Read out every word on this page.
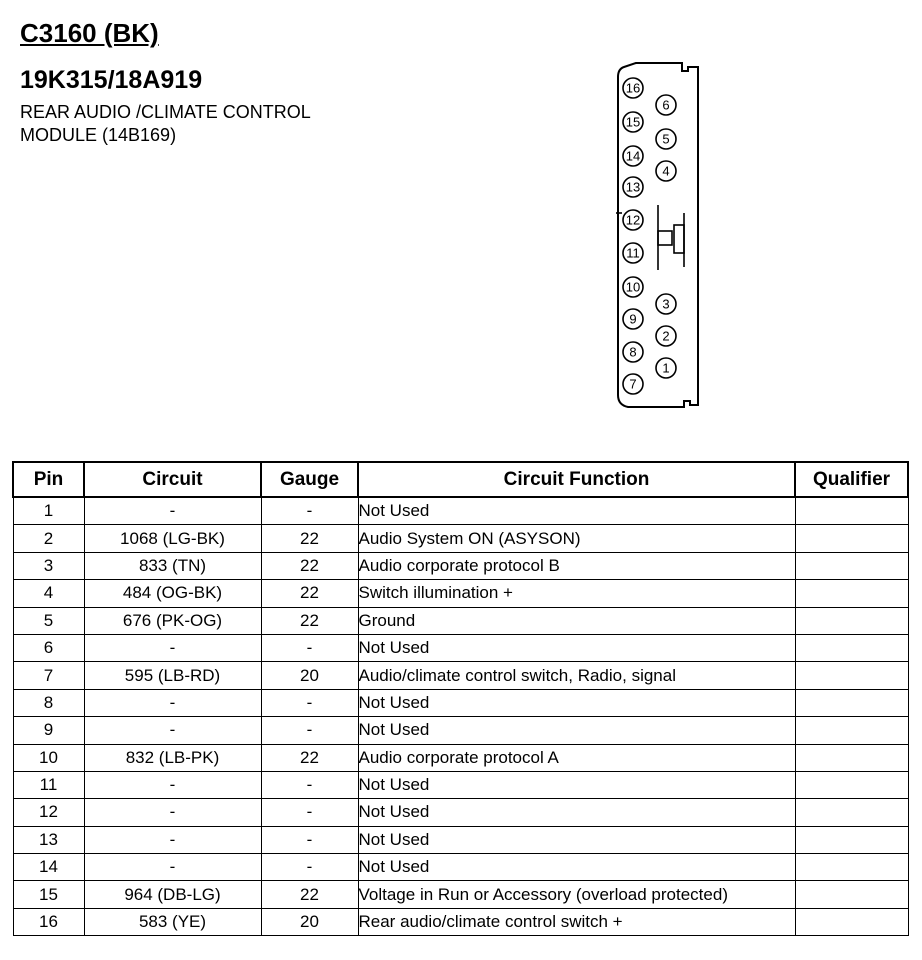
C3160 (BK)
19K315/18A919
REAR AUDIO /CLIMATE CONTROL
MODULE (14B169)
16
15
14
13
12
11
10
9
8
7
6
5
4
3
2
1
Pin	Circuit	Gauge	Circuit Function	Qualifier
1	-	-	Not Used	
2	1068 (LG-BK)	22	Audio System ON (ASYSON)	
3	833 (TN)	22	Audio corporate protocol B	
4	484 (OG-BK)	22	Switch illumination +	
5	676 (PK-OG)	22	Ground	
6	-	-	Not Used	
7	595 (LB-RD)	20	Audio/climate control switch, Radio, signal	
8	-	-	Not Used	
9	-	-	Not Used	
10	832 (LB-PK)	22	Audio corporate protocol A	
11	-	-	Not Used	
12	-	-	Not Used	
13	-	-	Not Used	
14	-	-	Not Used	
15	964 (DB-LG)	22	Voltage in Run or Accessory (overload protected)	
16	583 (YE)	20	Rear audio/climate control switch +	
